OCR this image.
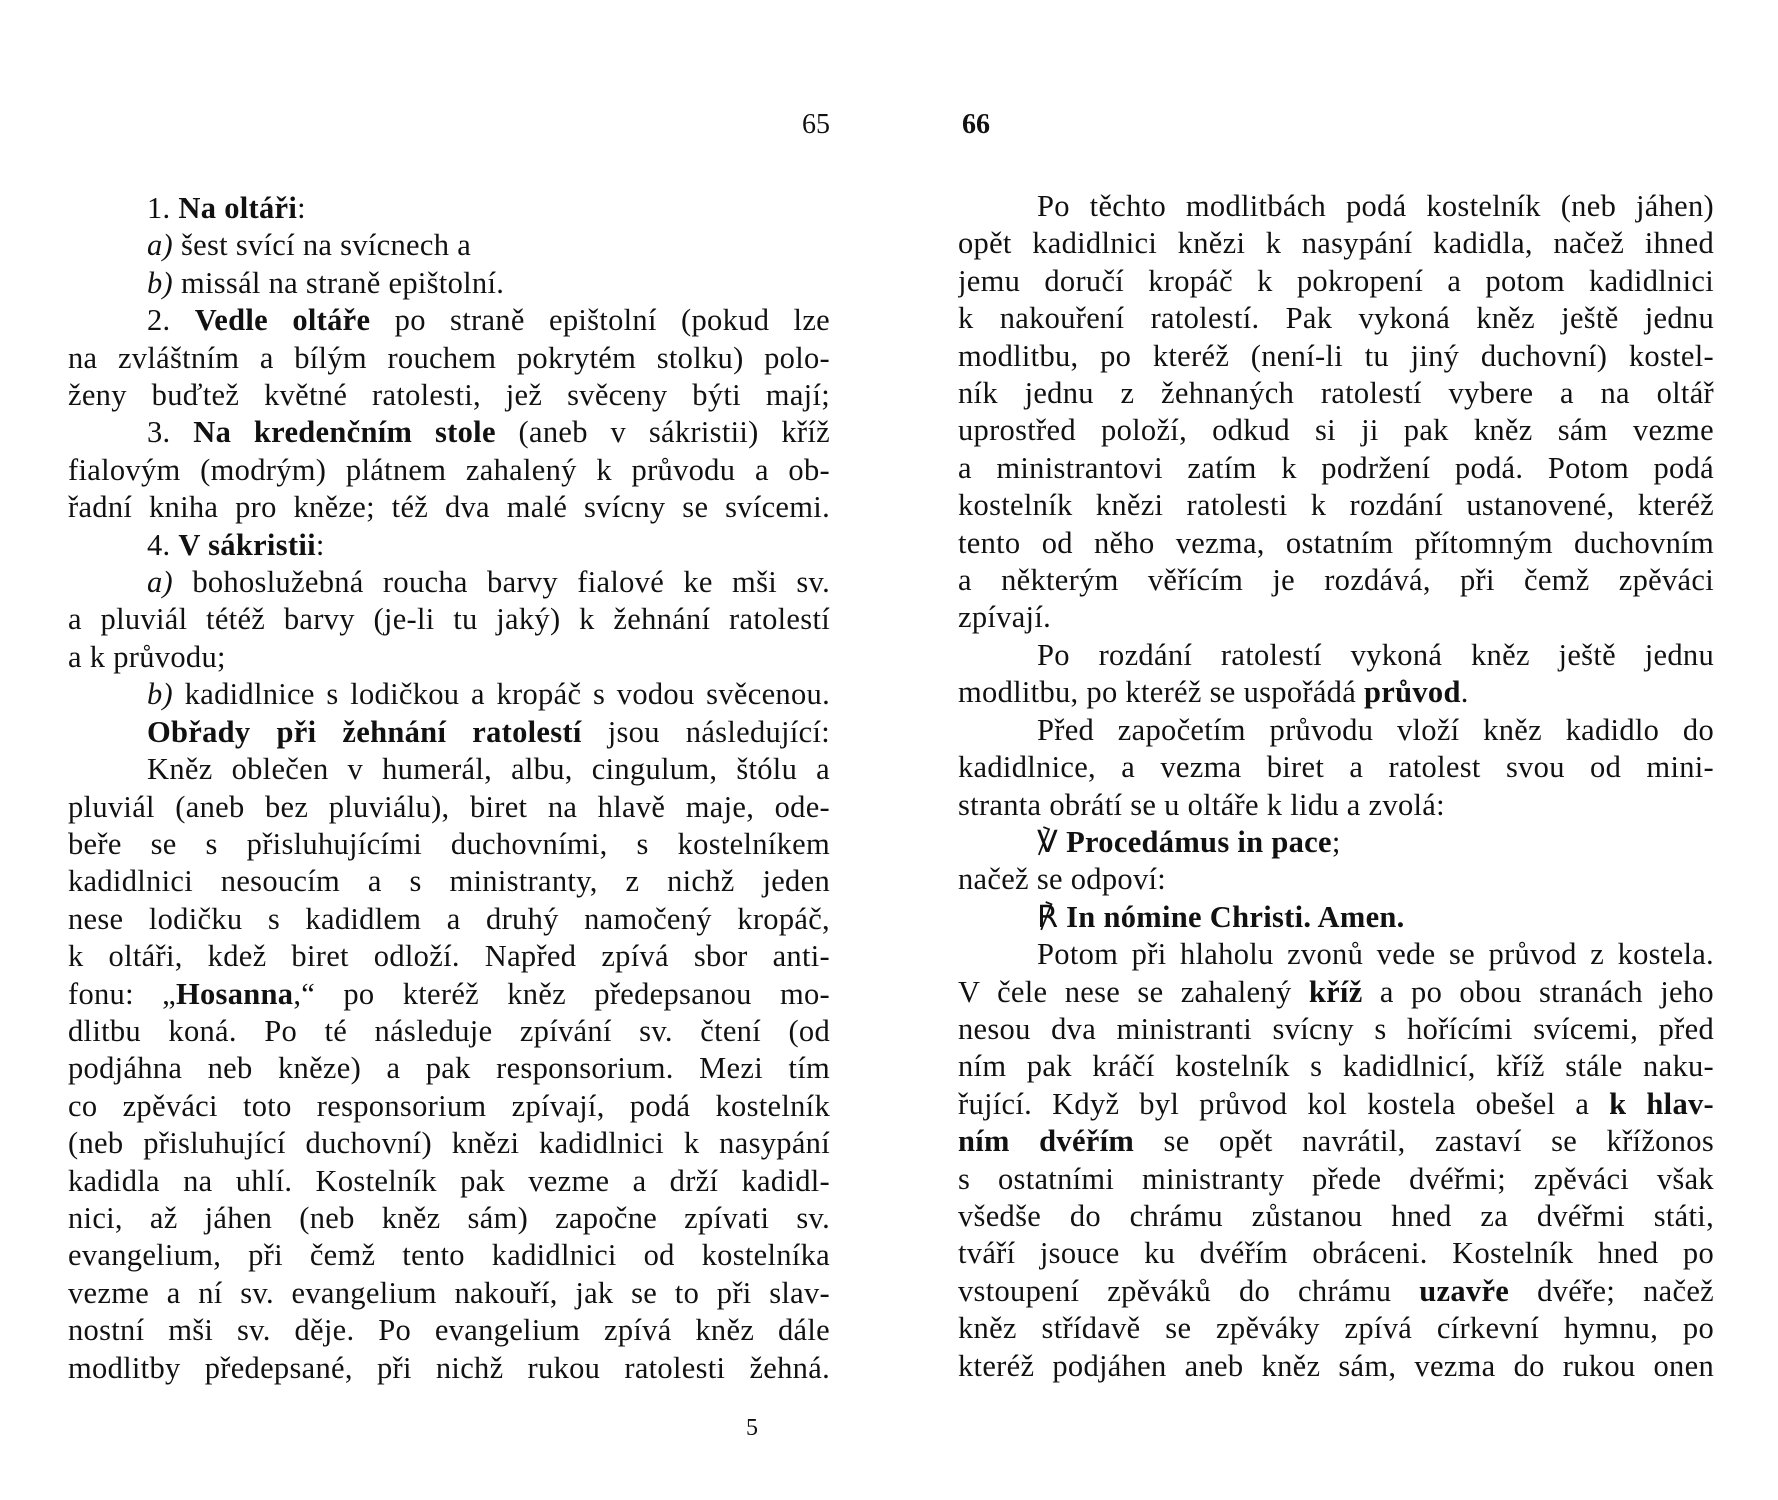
65
1. Na oltáři:
a) šest svící na svícnech a
b) missál na straně epištolní.
2. Vedle oltáře po straně epištolní (pokud lze
na zvláštním a bílým rouchem pokrytém stolku) polo-
ženy buďtež květné ratolesti, jež svěceny býti mají;
3. Na kredenčním stole (aneb v sákristii) kříž
fialovým (modrým) plátnem zahalený k průvodu a ob-
řadní kniha pro kněze; též dva malé svícny se svícemi.
4. V sákristii:
a) bohoslužebná roucha barvy fialové ke mši sv.
a pluviál tétéž barvy (je-li tu jaký) k žehnání ratolestí
a k průvodu;
b) kadidlnice s lodičkou a kropáč s vodou svěcenou.
Obřady při žehnání ratolestí jsou následující:
Kněz oblečen v humerál, albu, cingulum, štólu a
pluviál (aneb bez pluviálu), biret na hlavě maje, ode-
beře se s přisluhujícími duchovními, s kostelníkem
kadidlnici nesoucím a s ministranty, z nichž jeden
nese lodičku s kadidlem a druhý namočený kropáč,
k oltáři, kdež biret odloží. Napřed zpívá sbor anti-
fonu: „Hosanna,“ po kteréž kněz předepsanou mo-
dlitbu koná. Po té následuje zpívání sv. čtení (od
podjáhna neb kněze) a pak responsorium. Mezi tím
co zpěváci toto responsorium zpívají, podá kostelník
(neb přisluhující duchovní) knězi kadidlnici k nasypání
kadidla na uhlí. Kostelník pak vezme a drží kadidl-
nici, až jáhen (neb kněz sám) započne zpívati sv.
evangelium, při čemž tento kadidlnici od kostelníka
vezme a ní sv. evangelium nakouří, jak se to při slav-
nostní mši sv. děje. Po evangelium zpívá kněz dále
modlitby předepsané, při nichž rukou ratolesti žehná.
5
66
Po těchto modlitbách podá kostelník (neb jáhen)
opět kadidlnici knězi k nasypání kadidla, načež ihned
jemu doručí kropáč k pokropení a potom kadidlnici
k nakouření ratolestí. Pak vykoná kněz ještě jednu
modlitbu, po kteréž (není-li tu jiný duchovní) kostel-
ník jednu z žehnaných ratolestí vybere a na oltář
uprostřed položí, odkud si ji pak kněz sám vezme
a ministrantovi zatím k podržení podá. Potom podá
kostelník knězi ratolesti k rozdání ustanovené, kteréž
tento od něho vezma, ostatním přítomným duchovním
a některým věřícím je rozdává, při čemž zpěváci
zpívají.
Po rozdání ratolestí vykoná kněz ještě jednu
modlitbu, po kteréž se uspořádá průvod.
Před započetím průvodu vloží kněz kadidlo do
kadidlnice, a vezma biret a ratolest svou od mini-
stranta obrátí se u oltáře k lidu a zvolá:
℣ Procedámus in pace;
načež se odpoví:
℟ In nómine Christi. Amen.
Potom při hlaholu zvonů vede se průvod z kostela.
V čele nese se zahalený kříž a po obou stranách jeho
nesou dva ministranti svícny s hořícími svícemi, před
ním pak kráčí kostelník s kadidlnicí, kříž stále naku-
řující. Když byl průvod kol kostela obešel a k hlav-
ním dvéřím se opět navrátil, zastaví se křížonos
s ostatními ministranty přede dvéřmi; zpěváci však
všedše do chrámu zůstanou hned za dvéřmi státi,
tváří jsouce ku dvéřím obráceni. Kostelník hned po
vstoupení zpěváků do chrámu uzavře dvéře; načež
kněz střídavě se zpěváky zpívá církevní hymnu, po
kteréž podjáhen aneb kněz sám, vezma do rukou onen
